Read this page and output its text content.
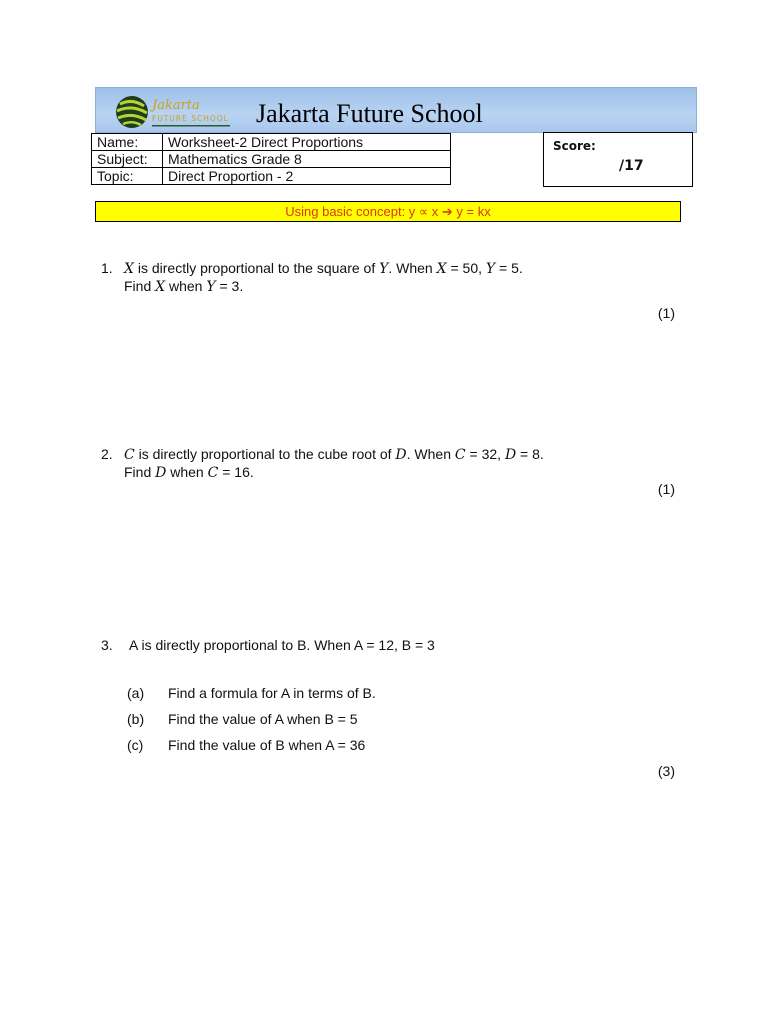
Jakarta
FUTURE SCHOOL Jakarta Future School
Name:	Worksheet-2 Direct Proportions
Subject:	Mathematics Grade 8
Topic:	Direct Proportion - 2
Score:
/17
Using basic concept: y ∝ x ➔ y = kx
1. X is directly proportional to the square of Y. When X = 50, Y = 5.
Find X when Y = 3.
(1)
2. C is directly proportional to the cube root of D. When C = 32, D = 8.
Find D when C = 16.
(1)
3. A is directly proportional to B. When A = 12, B = 3
(a) Find a formula for A in terms of B.
(b) Find the value of A when B = 5
(c) Find the value of B when A = 36
(3)
